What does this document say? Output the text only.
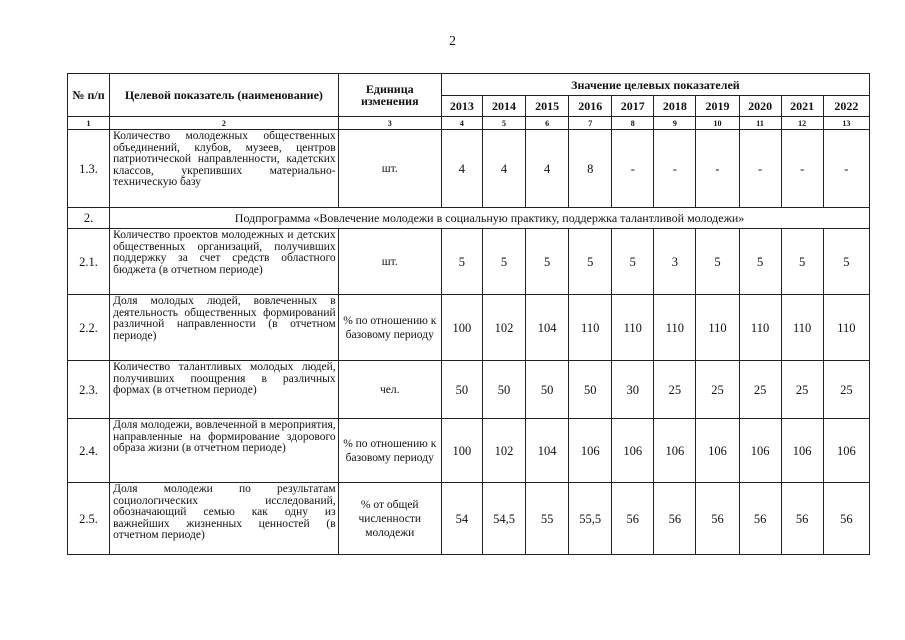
2
№ п/п	Целевой показатель (наименование)	Единица изменения	Значение целевых показателей									
			2013	2014	2015	2016	2017	2018	2019	2020	2021	2022
1	2	3	4	5	6	7	8	9	10	11	12	13
1.3.	Количество молодежных общественных объединений, клубов, музеев, центров патриотической направленности, кадетских классов, укрепивших материально-техническую базу	шт.	4	4	4	8	-	-	-	-	-	-
2.	Подпрограмма «Вовлечение молодежи в социальную практику, поддержка талантливой молодежи»											
2.1.	Количество проектов молодежных и детских общественных организаций, получивших поддержку за счет средств областного бюджета (в отчетном периоде)	шт.	5	5	5	5	5	3	5	5	5	5
2.2.	Доля молодых людей, вовлеченных в деятельность общественных формирований различной направленности (в отчетном периоде)	% по отношению к базовому периоду	100	102	104	110	110	110	110	110	110	110
2.3.	Количество талантливых молодых людей, получивших поощрения в различных формах (в отчетном периоде)	чел.	50	50	50	50	30	25	25	25	25	25
2.4.	Доля молодежи, вовлеченной в мероприятия, направленные на формирование здорового образа жизни (в отчетном периоде)	% по отношению к базовому периоду	100	102	104	106	106	106	106	106	106	106
2.5.	Доля молодежи по результатам социологических исследований, обозначающий семью как одну из важнейших жизненных ценностей (в отчетном периоде)	% от общей численности молодежи	54	54,5	55	55,5	56	56	56	56	56	56
